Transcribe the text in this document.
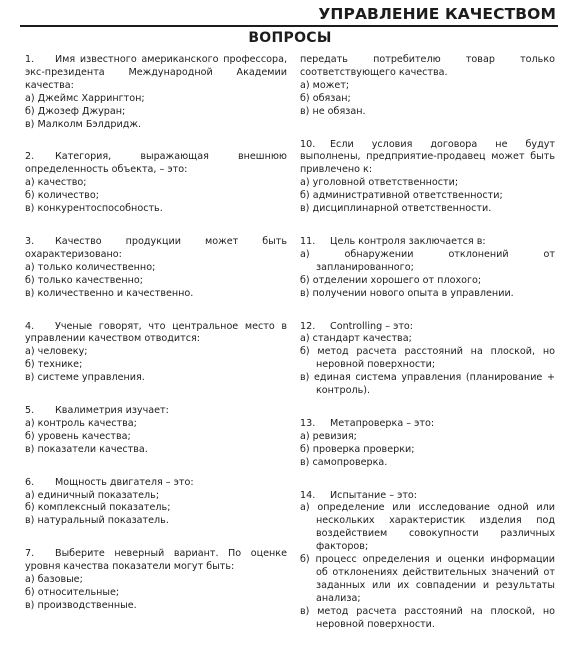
УПРАВЛЕНИЕ КАЧЕСТВОМ
ВОПРОСЫ
1. Имя известного американского профессора, экс-президента Международной Академии качества:
а) Джеймс Харрингтон;
б) Джозеф Джуран;
в) Малколм Бэлдридж.
2. Категория, выражающая внешнюю определенность объекта, – это:
а) качество;
б) количество;
в) конкурентоспособность.
3. Качество продукции может быть охарактеризовано:
а) только количественно;
б) только качественно;
в) количественно и качественно.
4. Ученые говорят, что центральное место в управлении качеством отводится:
а) человеку;
б) технике;
в) системе управления.
5. Квалиметрия изучает:
а) контроль качества;
б) уровень качества;
в) показатели качества.
6. Мощность двигателя – это:
а) единичный показатель;
б) комплексный показатель;
в) натуральный показатель.
7. Выберите неверный вариант. По оценке уровня качества показатели могут быть:
а) базовые;
б) относительные;
в) производственные.
передать потребителю товар только соответствующего качества.
а) может;
б) обязан;
в) не обязан.
10. Если условия договора не будут выполнены, предприятие-продавец может быть привлечено к:
а) уголовной ответственности;
б) административной ответственности;
в) дисциплинарной ответственности.
11. Цель контроля заключается в:
а) обнаружении отклонений от запланированного;
б) отделении хорошего от плохого;
в) получении нового опыта в управлении.
12. Controlling – это:
а) стандарт качества;
б) метод расчета расстояний на плоской, но неровной поверхности;
в) единая система управления (планирование + контроль).
13. Метапроверка – это:
а) ревизия;
б) проверка проверки;
в) самопроверка.
14. Испытание – это:
а) определение или исследование одной или нескольких характеристик изделия под воздействием совокупности различных факторов;
б) процесс определения и оценки информации об отклонениях действительных значений от заданных или их совпадении и результаты анализа;
в) метод расчета расстояний на плоской, но неровной поверхности.
